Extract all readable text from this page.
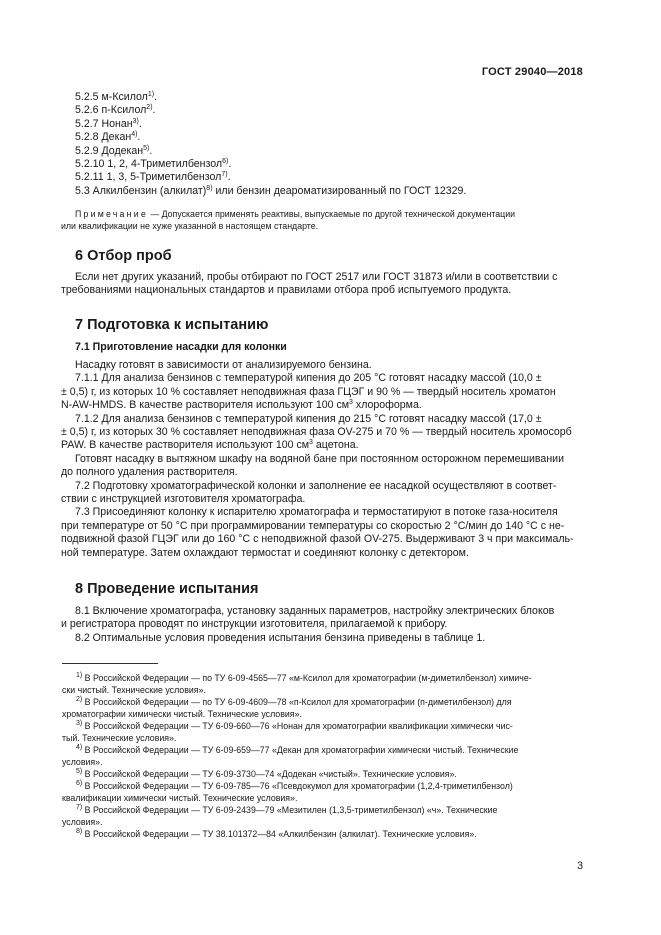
ГОСТ 29040—2018
5.2.5 м-Ксилол$^{1)}$.
5.2.6 п-Ксилол$^{2)}$.
5.2.7 Нонан$^{3)}$.
5.2.8 Декан$^{4)}$.
5.2.9 Додекан$^{5)}$.
5.2.10 1, 2, 4-Триметилбензол$^{6)}$.
5.2.11 1, 3, 5-Триметилбензол$^{7)}$.
5.3 Алкилбензин (алкилат)$^{8)}$ или бензин деароматизированный по ГОСТ 12329.
Примечание — Допускается применять реактивы, выпускаемые по другой технической документации
или квалификации не хуже указанной в настоящем стандарте.
6 Отбор проб
Если нет других указаний, пробы отбирают по ГОСТ 2517 или ГОСТ 31873 и/или в соответствии с
требованиями национальных стандартов и правилами отбора проб испытуемого продукта.
7 Подготовка к испытанию
7.1 Приготовление насадки для колонки
Насадку готовят в зависимости от анализируемого бензина.
7.1.1 Для анализа бензинов с температурой кипения до 205 °С готовят насадку массой (10,0 ±
± 0,5) г, из которых 10 % составляет неподвижная фаза ГЦЭГ и 90 % — твердый носитель хроматон
N-AW-HMDS. В качестве растворителя используют 100 $см^3$ хлороформа.
7.1.2 Для анализа бензинов с температурой кипения до 215 °С готовят насадку массой (17,0 ±
± 0,5) г, из которых 30 % составляет неподвижная фаза OV-275 и 70 % — твердый носитель хромосорб
PAW. В качестве растворителя используют 100 $см^3$ ацетона.
Готовят насадку в вытяжном шкафу на водяной бане при постоянном осторожном перемешивании
до полного удаления растворителя.
7.2 Подготовку хроматографической колонки и заполнение ее насадкой осуществляют в соответ-
ствии с инструкцией изготовителя хроматографа.
7.3 Присоединяют колонку к испарителю хроматографа и термостатируют в потоке газа-носителя
при температуре от 50 °С при программировании температуры со скоростью 2 °С/мин до 140 °С с не-
подвижной фазой ГЦЭГ или до 160 °С с неподвижной фазой OV-275. Выдерживают 3 ч при максималь-
ной температуре. Затем охлаждают термостат и соединяют колонку с детектором.
8 Проведение испытания
8.1 Включение хроматографа, установку заданных параметров, настройку электрических блоков
и регистратора проводят по инструкции изготовителя, прилагаемой к прибору.
8.2 Оптимальные условия проведения испытания бензина приведены в таблице 1.
$^{1)}$ В Российской Федерации — по ТУ 6-09-4565—77 «м-Ксилол для хроматографии (м-диметилбензол) химиче-
ски чистый. Технические условия».
$^{2)}$ В Российской Федерации — по ТУ 6-09-4609—78 «п-Ксилол для хроматографии (п-диметилбензол) для
хроматографии химически чистый. Технические условия».
$^{3)}$ В Российской Федерации — ТУ 6-09-660—76 «Нонан для хроматографии квалификации химически чис-
тый. Технические условия».
$^{4)}$ В Российской Федерации — ТУ 6-09-659—77 «Декан для хроматографии химически чистый. Технические
условия».
$^{5)}$ В Российской Федерации — ТУ 6-09-3730—74 «Додекан «чистый». Технические условия».
$^{6)}$ В Российской Федерации — ТУ 6-09-785—76 «Псевдокумол для хроматографии (1,2,4-триметилбензол)
квалификации химически чистый. Технические условия».
$^{7)}$ В Российской Федерации — ТУ 6-09-2439—79 «Мезитилен (1,3,5-триметилбензол) «ч». Технические
условия».
$^{8)}$ В Российской Федерации — ТУ 38.101372—84 «Алкилбензин (алкилат). Технические условия».
3
